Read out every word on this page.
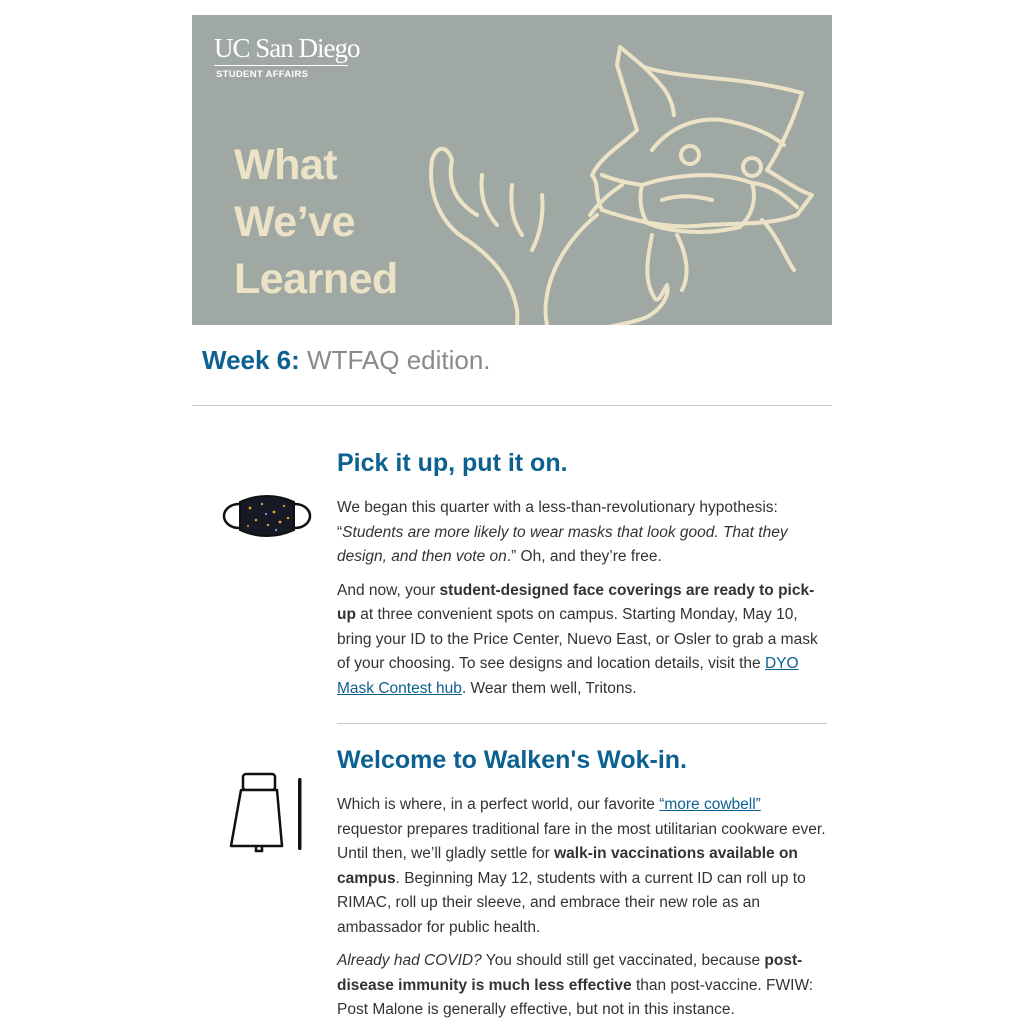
UC San Diego
STUDENT AFFAIRS
What
We’ve
Learned
Week 6: WTFAQ edition.
Pick it up, put it on.

We began this quarter with a less-than-revolutionary hypothesis: “Students are more likely to wear masks that look good. That they design, and then vote on.” Oh, and they’re free.

And now, your student-designed face coverings are ready to pick-up at three convenient spots on campus. Starting Monday, May 10, bring your ID to the Price Center, Nuevo East, or Osler to grab a mask of your choosing. To see designs and location details, visit the DYO Mask Contest hub. Wear them well, Tritons.

Welcome to Walken's Wok-in.

Which is where, in a perfect world, our favorite “more cowbell” requestor prepares traditional fare in the most utilitarian cookware ever. Until then, we’ll gladly settle for walk-in vaccinations available on campus. Beginning May 12, students with a current ID can roll up to RIMAC, roll up their sleeve, and embrace their new role as an ambassador for public health.

Already had COVID? You should still get vaccinated, because post-disease immunity is much less effective than post-vaccine. FWIW: Post Malone is generally effective, but not in this instance.
